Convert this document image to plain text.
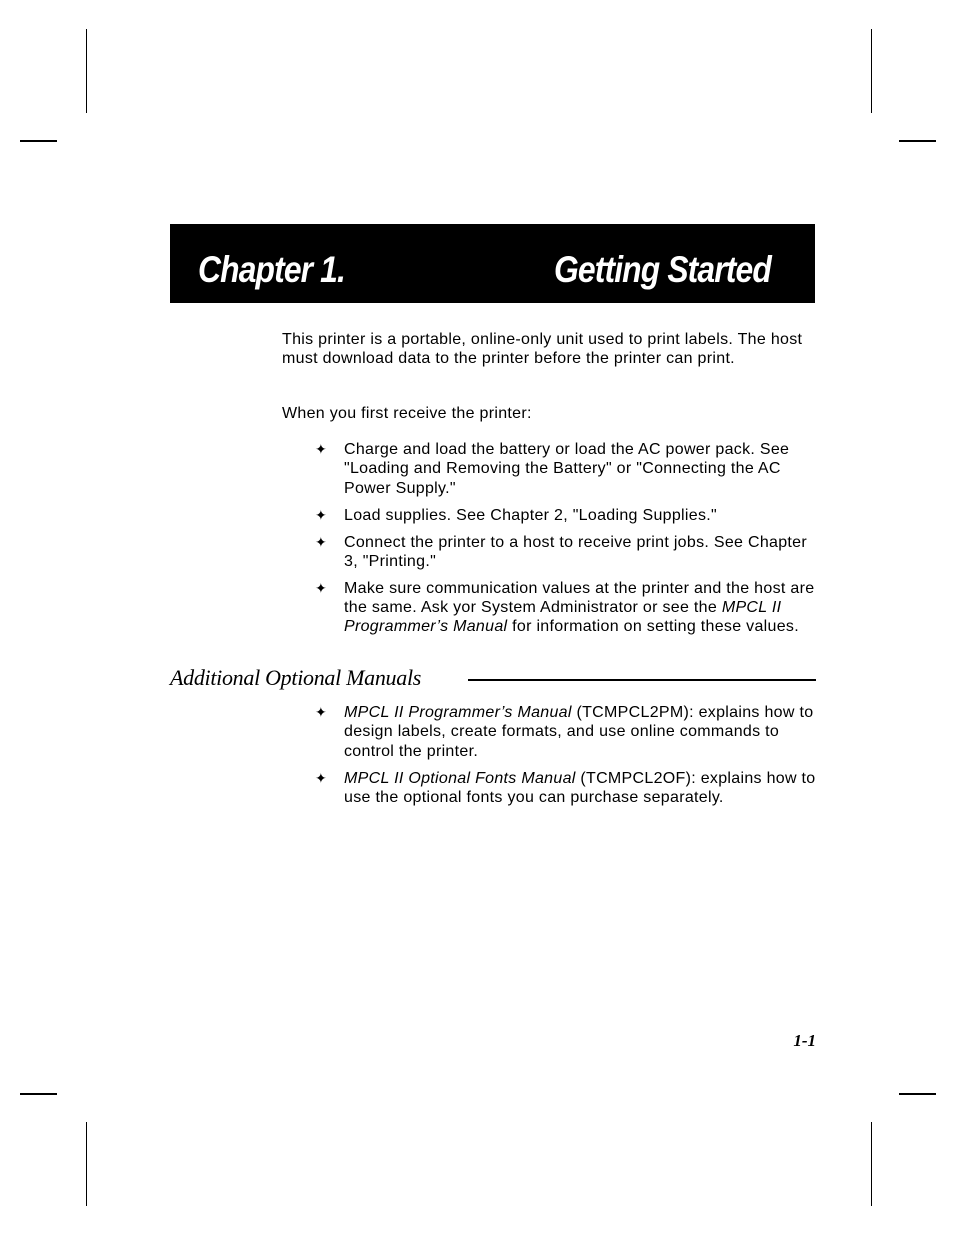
Chapter 1.	Getting Started

This printer is a portable, online-only unit used to print labels. The host must download data to the printer before the printer can print.

When you first receive the printer:

✦ Charge and load the battery or load the AC power pack. See "Loading and Removing the Battery" or "Connecting the AC Power Supply."
✦ Load supplies. See Chapter 2, "Loading Supplies."
✦ Connect the printer to a host to receive print jobs. See Chapter 3, "Printing."
✦ Make sure communication values at the printer and the host are the same. Ask yor System Administrator or see the MPCL II Programmer’s Manual for information on setting these values.
Additional Optional Manuals
✦ MPCL II Programmer’s Manual (TCMPCL2PM): explains how to design labels, create formats, and use online commands to control the printer.
✦ MPCL II Optional Fonts Manual (TCMPCL2OF): explains how to use the optional fonts you can purchase separately.
1-1
